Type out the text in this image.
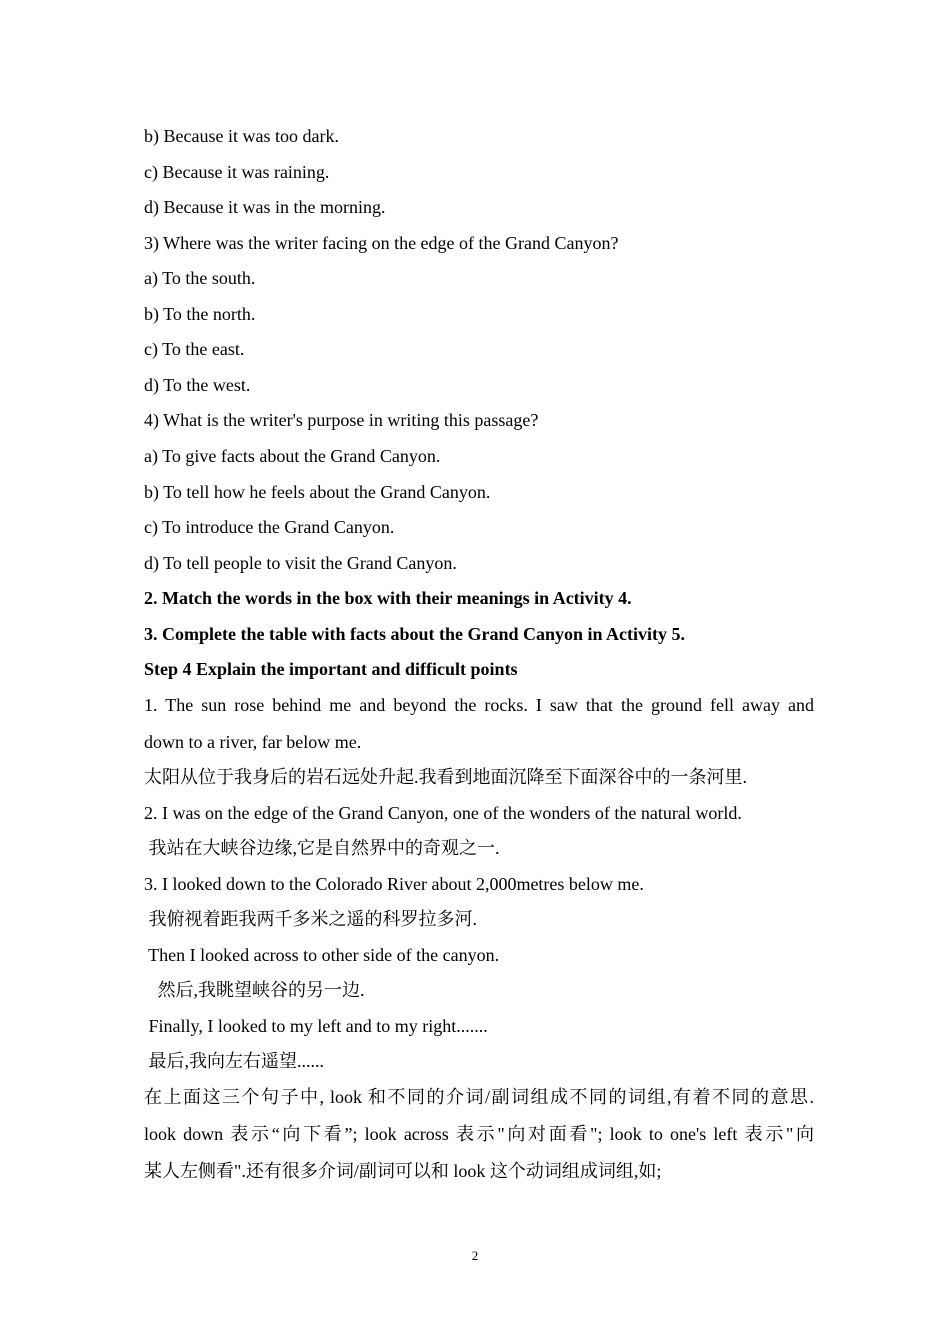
b) Because it was too dark.
c) Because it was raining.
d) Because it was in the morning.
3) Where was the writer facing on the edge of the Grand Canyon?
a) To the south.
b) To the north.
c) To the east.
d) To the west.
4) What is the writer's purpose in writing this passage?
a) To give facts about the Grand Canyon.
b) To tell how he feels about the Grand Canyon.
c) To introduce the Grand Canyon.
d) To tell people to visit the Grand Canyon.
2. Match the words in the box with their meanings in Activity 4.
3. Complete the table with facts about the Grand Canyon in Activity 5.
Step 4 Explain the important and difficult points
1. The sun rose behind me and beyond the rocks. I saw that the ground fell away and
down to a river, far below me.
太阳从位于我身后的岩石远处升起.我看到地面沉降至下面深谷中的一条河里.
2. I was on the edge of the Grand Canyon, one of the wonders of the natural world.
我站在大峡谷边缘,它是自然界中的奇观之一.
3. I looked down to the Colorado River about 2,000metres below me.
我俯视着距我两千多米之遥的科罗拉多河.
Then I looked across to other side of the canyon.
然后,我眺望峡谷的另一边.
Finally, I looked to my left and to my right.......
最后,我向左右遥望......
在上面这三个句子中, look 和不同的介词/副词组成不同的词组,有着不同的意思.
look down 表示“向下看”; look across 表示"向对面看"; look to one's left 表示"向
某人左侧看".还有很多介词/副词可以和 look 这个动词组成词组,如;
2
